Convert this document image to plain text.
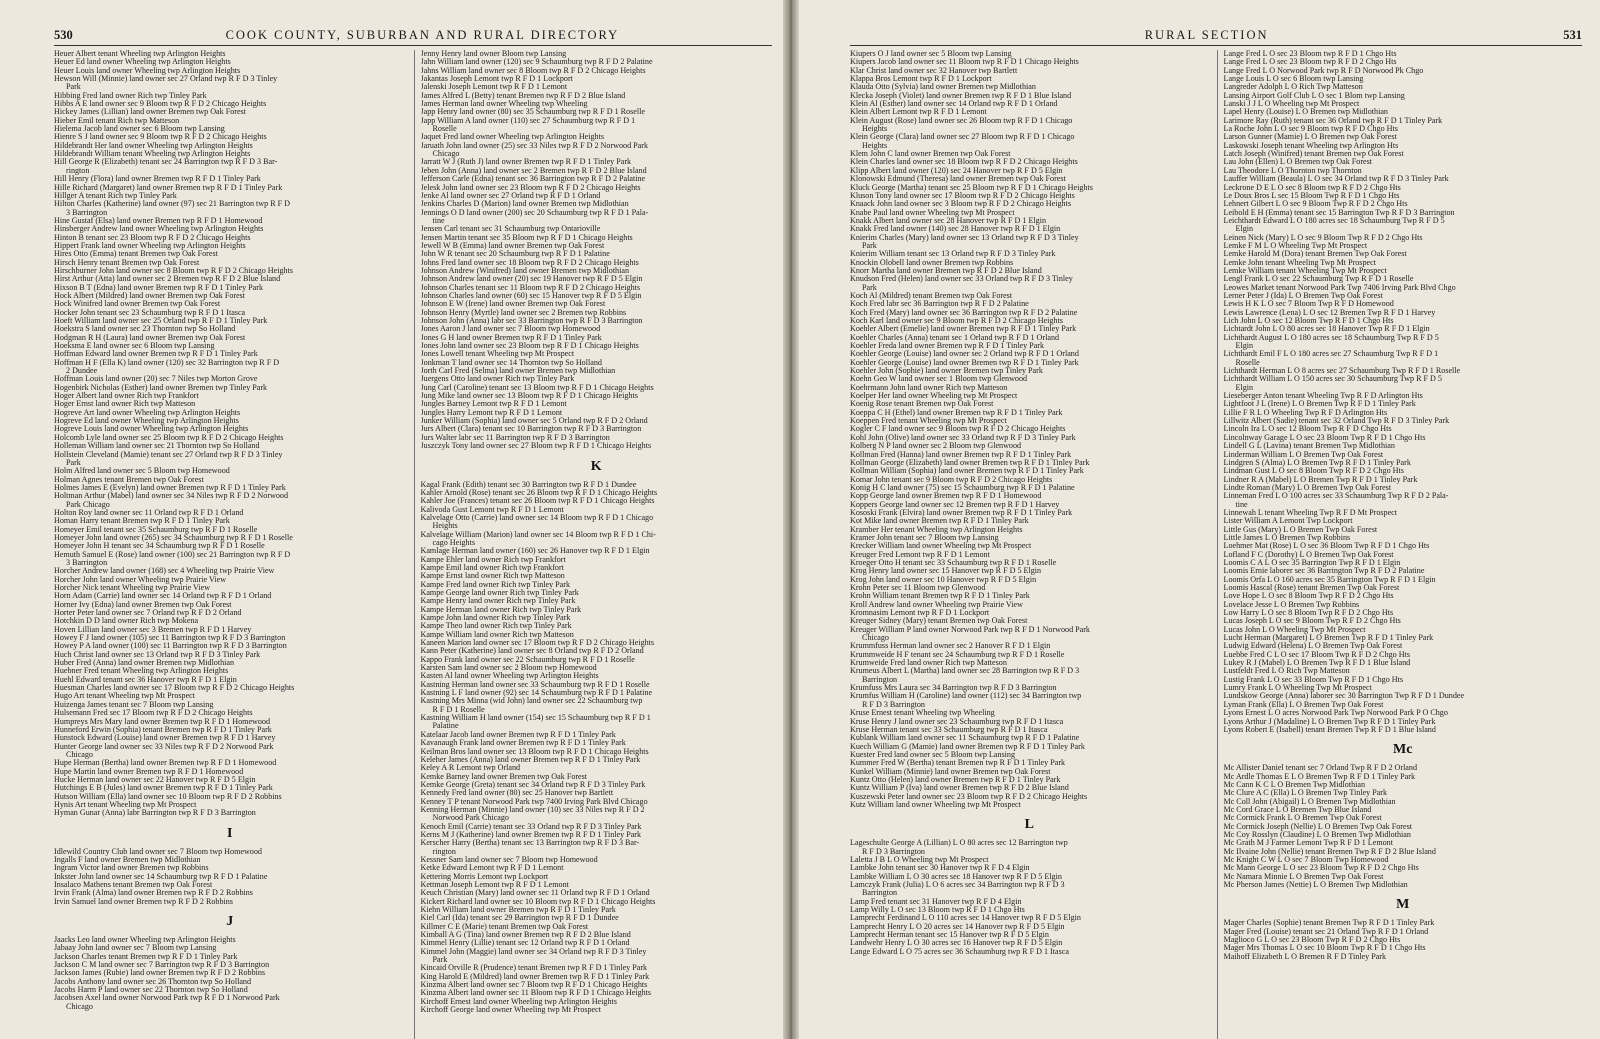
530	COOK COUNTY, SUBURBAN AND RURAL DIRECTORY
Heuer Albert tenant Wheeling twp Arlington Heights
Heuer Ed land owner Wheeling twp Arlington Heights
Heuer Louis land owner Wheeling twp Arlington Heights
Hewson Will (Minnie) land owner sec 27 Orland twp R F D 3 Tinley
Park
Hibbing Fred land owner Rich twp Tinley Park
Hibbs A E land owner sec 9 Bloom twp R F D 2 Chicago Heights
Hickey James (Lillian) land owner Bremen twp Oak Forest
Hieber Emil tenant Rich twp Matteson
Hielema Jacob land owner sec 6 Bloom twp Lansing
Hienre S J land owner sec 9 Bloom twp R F D 2 Chicago Heights
Hildebrandt Her land owner Wheeling twp Arlington Heights
Hildebrandt William tenant Wheeling twp Arlington Heights
Hill George R (Elizabeth) tenant sec 24 Barrington twp R F D 3 Bar-
rington
Hill Henry (Flora) land owner Bremen twp R F D 1 Tinley Park
Hille Richard (Margaret) land owner Bremen twp R F D 1 Tinley Park
Hillger A tenant Rich twp Tinley Park
Hilton Charles (Katherine) land owner (97) sec 21 Barrington twp R F D
3 Barrington
Hine Gustaf (Elsa) land owner Bremen twp R F D 1 Homewood
Hinsberger Andrew land owner Wheeling twp Arlington Heights
Hinton B tenant sec 23 Bloom twp R F D 2 Chicago Heights
Hippert Frank land owner Wheeling twp Arlington Heights
Hires Otto (Emma) tenant Bremen twp Oak Forest
Hirsch Henry tenant Bremen twp Oak Forest
Hirschburner John land owner sec 8 Bloom twp R F D 2 Chicago Heights
Hirst Arthur (Atta) land owner sec 2 Bremen twp R F D 2 Blue Island
Hixson B T (Edna) land owner Bremen twp R F D 1 Tinley Park
Hock Albert (Mildred) land owner Bremen twp Oak Forest
Hock Winifred land owner Bremen twp Oak Forest
Hocker John tenant sec 23 Schaumburg twp R F D 1 Itasca
Hoeft William land owner sec 25 Orland twp R F D 1 Tinley Park
Hoekstra S land owner sec 23 Thornton twp So Holland
Hodgman R H (Laura) land owner Bremen twp Oak Forest
Hoeksma E land owner sec 6 Bloom twp Lansing
Hoffman Edward land owner Bremen twp R F D 1 Tinley Park
Hoffman H F (Ella K) land owner (120) sec 32 Barrington twp R F D
2 Dundee
Hoffman Louis land owner (20) sec 7 Niles twp Morton Grove
Hogenbirk Nicholas (Esther) land owner Bremen twp Tinley Park
Hoger Albert land owner Rich twp Frankfort
Hoger Ernst land owner Rich twp Matteson
Hogreve Art land owner Wheeling twp Arlington Heights
Hogreve Ed land owner Wheeling twp Arlington Heights
Hogreve Louis land owner Wheeling twp Arlington Heights
Holcomb Lyle land owner sec 25 Bloom twp R F D 2 Chicago Heights
Holleman William land owner sec 21 Thornton twp So Holland
Hollstein Cleveland (Mamie) tenant sec 27 Orland twp R F D 3 Tinley
Park
Holm Alfred land owner sec 5 Bloom twp Homewood
Holman Agnes tenant Bremen twp Oak Forest
Holmes James E (Evelyn) land owner Bremen twp R F D 1 Tinley Park
Holtman Arthur (Mabel) land owner sec 34 Niles twp R F D 2 Norwood
Park Chicago
Holton Roy land owner sec 11 Orland twp R F D 1 Orland
Homan Harry tenant Bremen twp R F D 1 Tinley Park
Homeyer Emil tenant sec 35 Schaumburg twp R F D 1 Roselle
Homeyer John land owner (265) sec 34 Schaumburg twp R F D 1 Roselle
Homeyer John H tenant sec 34 Schaumburg twp R F D 1 Roselle
Hemuth Samuel E (Rose) land owner (100) sec 21 Barrington twp R F D
3 Barrington
Horcher Andrew land owner (168) sec 4 Wheeling twp Prairie View
Horcher John land owner Wheeling twp Prairie View
Horcher Nick tenant Wheeling twp Prairie View
Horn Adam (Carrie) land owner sec 14 Orland twp R F D 1 Orland
Horner Ivy (Edna) land owner Bremen twp Oak Forest
Horter Peter land owner sec 7 Orland twp R F D 2 Orland
Hotchkin D D land owner Rich twp Mokena
Hoven Lillian land owner sec 3 Bremen twp R F D 1 Harvey
Howey F J land owner (105) sec 11 Barrington twp R F D 3 Barrington
Howey P A land owner (100) sec 11 Barrington twp R F D 3 Barrington
Huch Christ land owner sec 13 Orland twp R F D 3 Tinley Park
Huber Fred (Anna) land owner Bremen twp Midlothian
Huebner Fred tenant Wheeling twp Arlington Heights
Huehl Edward tenant sec 36 Hanover twp R F D 1 Elgin
Huesman Charles land owner sec 17 Bloom twp R F D 2 Chicago Heights
Hugo Art tenant Wheeling twp Mt Prospect
Huizenga James tenant sec 7 Bloom twp Lansing
Hulsemann Fred sec 17 Bloom twp R F D 2 Chicago Heights
Humpreys Mrs Mary land owner Bremen twp R F D 1 Homewood
Hunneford Erwin (Sophia) tenant Bremen twp R F D 1 Tinley Park
Hunstock Edward (Louise) land owner Bremen twp R F D 1 Harvey
Hunter George land owner sec 33 Niles twp R F D 2 Norwood Park
Chicago
Hupe Herman (Bertha) land owner Bremen twp R F D 1 Homewood
Hupe Martin land owner Bremen twp R F D 1 Homewood
Hucke Herman land owner sec 22 Hanover twp R F D 5 Elgin
Hutchings E B (Jules) land owner Bremen twp R F D 1 Tinley Park
Hutson William (Ella) land owner sec 10 Bloom twp R F D 2 Robbins
Hynis Art tenant Wheeling twp Mt Prospect
Hyman Gunar (Anna) labr Barrington twp R F D 3 Barrington
I
Idlewild Country Club land owner sec 7 Bloom twp Homewood
Ingalls F land owner Bremen twp Midlothian
Ingram Victor land owner Bremen twp Robbins
Inkster John land owner sec 14 Schaumburg twp R F D 1 Palatine
Insalaco Mathens tenant Bremen twp Oak Forest
Irvin Frank (Alma) land owner Bremen twp R F D 2 Robbins
Irvin Samuel land owner Bremen twp R F D 2 Robbins
J
Jaacks Leo land owner Wheeling twp Arlington Heights
Jabaay John land owner sec 7 Bloom twp Lansing
Jackson Charles tenant Bremen twp R F D 1 Tinley Park
Jackson C M land owner sec 7 Barrington twp R F D 3 Barrington
Jackson James (Rubie) land owner Bremen twp R F D 2 Robbins
Jacobs Anthony land owner sec 26 Thornton twp So Holland
Jacobs Harm P land owner sec 22 Thornton twp So Holland
Jacobsen Axel land owner Norwood Park twp R F D 1 Norwood Park
Chicago
Jenny Henry land owner Bloom twp Lansing
Jahn William land owner (120) sec 9 Schaumburg twp R F D 2 Palatine
Jahns William land owner sec 8 Bloom twp R F D 2 Chicago Heights
Jakantas Joseph Lemont twp R F D 1 Lockport
Jalenski Joseph Lemont twp R F D 1 Lemont
James Alfred L (Betty) tenant Bremen twp R F D 2 Blue Island
James Herman land owner Wheeling twp Wheeling
Japp Henry land owner (80) sec 35 Schaumburg twp R F D 1 Roselle
Japp William A land owner (110) sec 27 Schaumburg twp R F D 1
Roselle
Jaquet Fred land owner Wheeling twp Arlington Heights
Jaruath John land owner (25) sec 33 Niles twp R F D 2 Norwood Park
Chicago
Jarratt W J (Ruth J) land owner Bremen twp R F D 1 Tinley Park
Jeben John (Anna) land owner sec 2 Bremen twp R F D 2 Blue Island
Jefferson Carle (Edna) tenant sec 36 Barrington twp R F D 2 Palatine
Jelesk John land owner sec 23 Bloom twp R F D 2 Chicago Heights
Jenke Al land owner sec 27 Orland twp R F D 1 Orland
Jenkins Charles D (Marion) land owner Bremen twp Midlothian
Jennings O D land owner (200) sec 20 Schaumburg twp R F D 1 Pala-
tine
Jensen Carl tenant sec 31 Schaumburg twp Ontarioville
Jensen Martin tenant sec 35 Bloom twp R F D 1 Chicago Heights
Jewell W B (Emma) land owner Bremen twp Oak Forest
John W R tenant sec 20 Schaumburg twp R F D 1 Palatine
Johns Fred land owner sec 18 Bloom twp R F D 2 Chicago Heights
Johnson Andrew (Winifred) land owner Bremen twp Midlothian
Johnson Andrew land owner (20) sec 19 Hanover twp R F D 5 Elgin
Johnson Charles tenant sec 11 Bloom twp R F D 2 Chicago Heights
Johnson Charles land owner (60) sec 15 Hanover twp R F D 5 Elgin
Johnson E W (Irene) land owner Bremen twp Oak Forest
Johnson Henry (Myrtle) land owner sec 2 Bremen twp Robbins
Johnson John (Anna) labr sec 33 Barrington twp R F D 3 Barrington
Jones Aaron J land owner sec 7 Bloom twp Homewood
Jones G H land owner Bremen twp R F D 1 Tinley Park
Jones John land owner sec 23 Bloom twp R F D 1 Chicago Heights
Jones Lowell tenant Wheeling twp Mt Prospect
Jonkman T land owner sec 14 Thornton twp So Holland
Jorth Carl Fred (Selma) land owner Bremen twp Midlothian
Juergens Otto land owner Rich twp Tinley Park
Jung Carl (Caroline) tenant sec 13 Bloom twp R F D 1 Chicago Heights
Jung Mike land owner sec 13 Bloom twp R F D 1 Chicago Heights
Jungles Barney Lemont twp R F D 1 Lemont
Jungles Harry Lemont twp R F D 1 Lemont
Junker William (Sophia) land owner sec 5 Orland twp R F D 2 Orland
Jurs Albert (Clara) tenant sec 10 Barrington twp R F D 3 Barrington
Jurs Walter labr sec 11 Barrington twp R F D 3 Barrington
Juszczyk Tony land owner sec 27 Bloom twp R F D 1 Chicago Heights
K
Kagal Frank (Edith) tenant sec 30 Barrington twp R F D 1 Dundee
Kahler Arnold (Rose) tenant sec 26 Bloom twp R F D 1 Chicago Heights
Kahler Joe (Frances) tenant sec 26 Bloom twp R F D 1 Chicago Heights
Kalivoda Gust Lemont twp R F D 1 Lemont
Kalvelage Otto (Carrie) land owner sec 14 Bloom twp R F D 1 Chicago
Heights
Kalvelage William (Marion) land owner sec 14 Bloom twp R F D 1 Chi-
cago Heights
Kamlage Herman land owner (160) sec 26 Hanover twp R F D 1 Elgin
Kampe Ehler land owner Rich twp Frankfort
Kampe Emil land owner Rich twp Frankfort
Kampe Ernst land owner Rich twp Matteson
Kampe Fred land owner Rich twp Tinley Park
Kampe George land owner Rich twp Tinley Park
Kampe Henry land owner Rich twp Tinley Park
Kampe Herman land owner Rich twp Tinley Park
Kampe John land owner Rich twp Tinley Park
Kampe Theo land owner Rich twp Tinley Park
Kampe William land owner Rich twp Matteson
Kaneen Marion land owner sec 17 Bloom twp R F D 2 Chicago Heights
Kann Peter (Katherine) land owner sec 8 Orland twp R F D 2 Orland
Kappo Frank land owner sec 22 Schaumburg twp R F D 1 Roselle
Karsten Sam land owner sec 2 Bloom twp Homewood
Kasten Al land owner Wheeling twp Arlington Heights
Kastning Herman land owner sec 33 Schaumburg twp R F D 1 Roselle
Kastning L F land owner (92) sec 14 Schaumburg twp R F D 1 Palatine
Kastning Mrs Minna (wid John) land owner sec 22 Schaumburg twp
R F D 1 Roselle
Kastning William H land owner (154) sec 15 Schaumburg twp R F D 1
Palatine
Katelaar Jacob land owner Bremen twp R F D 1 Tinley Park
Kavanaugh Frank land owner Bremen twp R F D 1 Tinley Park
Keilman Bros land owner sec 13 Bloom twp R F D 1 Chicago Heights
Keleher James (Anna) land owner Bremen twp R F D 1 Tinley Park
Keley A R Lemont twp Orland
Kemke Barney land owner Bremen twp Oak Forest
Kemke George (Greta) tenant sec 34 Orland twp R F D 3 Tinley Park
Kennedy Fred land owner (80) sec 25 Hanover twp Bartlett
Kenney T P tenant Norwood Park twp 7400 Irving Park Blvd Chicago
Kenning Herman (Minnie) land owner (10) sec 33 Niles twp R F D 2
Norwood Park Chicago
Kenoch Emil (Carrie) tenant sec 33 Orland twp R F D 3 Tinley Park
Kerns M J (Katherine) land owner Bremen twp R F D 1 Tinley Park
Kerscher Harry (Bertha) tenant sec 13 Barrington twp R F D 3 Bar-
rington
Kessner Sam land owner sec 7 Bloom twp Homewood
Ketke Edward Lemont twp R F D 1 Lemont
Kettering Morris Lemont twp Lockport
Kettman Joseph Lemont twp R F D 1 Lemont
Keuch Christian (Mary) land owner sec 11 Orland twp R F D 1 Orland
Kickert Richard land owner sec 10 Bloom twp R F D 1 Chicago Heights
Kiehn William land owner Bremen twp R F D 1 Tinley Park
Kiel Carl (Ida) tenant sec 29 Barrington twp R F D 1 Dundee
Killmer C E (Marie) tenant Bremen twp Oak Forest
Kimball A G (Tina) land owner Bremen twp R F D 2 Blue Island
Kimmel Henry (Lillie) tenant sec 12 Orland twp R F D 1 Orland
Kimmel John (Maggie) land owner sec 34 Orland twp R F D 3 Tinley
Park
Kincaid Orville R (Prudence) tenant Bremen twp R F D 1 Tinley Park
King Harold E (Mildred) land owner Bremen twp R F D 1 Tinley Park
Kinzma Albert land owner sec 7 Bloom twp R F D 1 Chicago Heights
Kinzma Albert land owner sec 11 Bloom twp R F D 1 Chicago Heights
Kirchoff Ernest land owner Wheeling twp Arlington Heights
Kirchoff George land owner Wheeling twp Mt Prospect
RURAL SECTION	531
Kiupers O J land owner sec 5 Bloom twp Lansing
Kiupers Jacob land owner sec 11 Bloom twp R F D 1 Chicago Heights
Klar Christ land owner sec 32 Hanover twp Bartlett
Klappa Bros Lemont twp R F D 1 Lockport
Klauda Otto (Sylvia) land owner Bremen twp Midlothian
Klecka Joseph (Violet) land owner Bremen twp R F D 1 Blue Island
Klein Al (Esther) land owner sec 14 Orland twp R F D 1 Orland
Klein Albert Lemont twp R F D 1 Lemont
Klein August (Rose) land owner sec 26 Bloom twp R F D 1 Chicago
Heights
Klein George (Clara) land owner sec 27 Bloom twp R F D 1 Chicago
Heights
Klem John C land owner Bremen twp Oak Forest
Klein Charles land owner sec 18 Bloom twp R F D 2 Chicago Heights
Klipp Albert land owner (120) sec 24 Hanover twp R F D 5 Elgin
Klonowski Edmund (Theresa) land owner Bremen twp Oak Forest
Kluck George (Martha) tenant sec 25 Bloom twp R F D 1 Chicago Heights
Kluson Tony land owner sec 17 Bloom twp R F D 2 Chicago Heights
Knaack John land owner sec 3 Bloom twp R F D 2 Chicago Heights
Knabe Paul land owner Wheeling twp Mt Prospect
Knakk Albert land owner sec 28 Hanover twp R F D 1 Elgin
Knakk Fred land owner (140) sec 28 Hanover twp R F D 1 Elgin
Knierim Charles (Mary) land owner sec 13 Orland twp R F D 3 Tinley
Park
Knierim William tenant sec 13 Orland twp R F D 3 Tinley Park
Knockin Olobell land owner Bremen twp Robbins
Knorr Martha land owner Bremen twp R F D 2 Blue Island
Knudson Fred (Helen) land owner sec 33 Orland twp R F D 3 Tinley
Park
Koch Al (Mildred) tenant Bremen twp Oak Forest
Koch Fred labr sec 36 Barrington twp R F D 2 Palatine
Koch Fred (Mary) land owner sec 36 Barrington twp R F D 2 Palatine
Koch Karl land owner sec 9 Bloom twp R F D 2 Chicago Heights
Koehler Albert (Emelie) land owner Bremen twp R F D 1 Tinley Park
Koehler Charles (Anna) tenant sec 1 Orland twp R F D 1 Orland
Koehler Freda land owner Bremen twp R F D 1 Tinley Park
Koehler George (Louise) land owner sec 2 Orland twp R F D 1 Orland
Koehler George (Louise) land owner Bremen twp R F D 1 Tinley Park
Koehler John (Sophie) land owner Bremen twp Tinley Park
Koehn Geo W land owner sec 1 Bloom twp Glenwood
Koehrmann John land owner Rich twp Matteson
Koelper Her land owner Wheeling twp Mt Prospect
Koenig Rose tenant Bremen twp Oak Forest
Koeppa C H (Ethel) land owner Bremen twp R F D 1 Tinley Park
Koeppen Fred tenant Wheeling twp Mt Prospect
Kogler C F land owner sec 9 Bloom twp R F D 2 Chicago Heights
Kohl John (Olive) land owner sec 33 Orland twp R F D 3 Tinley Park
Kolberg N P land owner sec 2 Bloom twp Glenwood
Kollman Fred (Hanna) land owner Bremen twp R F D 1 Tinley Park
Kollman George (Elizabeth) land owner Bremen twp R F D 1 Tinley Park
Kollman William (Sophia) land owner Bremen twp R F D 1 Tinley Park
Komar John tenant sec 9 Bloom twp R F D 2 Chicago Heights
Konig H C land owner (75) sec 15 Schaumburg twp R F D 1 Palatine
Kopp George land owner Bremen twp R F D 1 Homewood
Koppers George land owner sec 12 Bremen twp R F D 1 Harvey
Kososki Frank (Elvira) land owner Bremen twp R F D 1 Tinley Park
Kot Mike land owner Bremen twp R F D 1 Tinley Park
Kramber Her tenant Wheeling twp Arlington Heights
Kramer John tenant sec 7 Bloom twp Lansing
Krecker William land owner Wheeling twp Mt Prospect
Kreuger Fred Lemont twp R F D 1 Lemont
Kroeger Otto H tenant sec 33 Schaumburg twp R F D 1 Roselle
Krog Henry land owner sec 15 Hanover twp R F D 5 Elgin
Krog John land owner sec 10 Hanover twp R F D 5 Elgin
Krohn Peter sec 11 Bloom twp Glenwood
Krohn William tenant Bremen twp R F D 1 Tinley Park
Kroll Andrew land owner Wheeling twp Prairie View
Kromnasim Lemont twp R F D 1 Lockport
Kreuger Sidney (Mary) tenant Bremen twp Oak Forest
Kreuger William P land owner Norwood Park twp R F D 1 Norwood Park
Chicago
Krummfuss Herman land owner sec 2 Hanover R F D 1 Elgin
Krummweide H F tenant sec 24 Schaumburg twp R F D 1 Roselle
Krumweide Fred land owner Rich twp Matteson
Krumeus Albert L (Martha) land owner sec 28 Barrington twp R F D 3
Barrington
Krumfuss Mrs Laura sec 34 Barrington twp R F D 3 Barrington
Krumfus William H (Caroline) land owner (112) sec 34 Barrington twp
R F D 3 Barrington
Kruse Ernest tenant Wheeling twp Wheeling
Kruse Henry J land owner sec 23 Schaumburg twp R F D 1 Itasca
Kruse Herman tenant sec 33 Schaumburg twp R F D 1 Itasca
Kublank William land owner sec 11 Schaumburg twp R F D 1 Palatine
Kuech William G (Mamie) land owner Bremen twp R F D 1 Tinley Park
Kuester Fred land owner sec 5 Bloom twp Lansing
Kummer Fred W (Bertha) tenant Bremen twp R F D 1 Tinley Park
Kunkel William (Minnie) land owner Bremen twp Oak Forest
Kuntz Otto (Helen) land owner Bremen twp R F D 1 Tinley Park
Kuntz William P (Iva) land owner Bremen twp R F D 2 Blue Island
Kuszewski Peter land owner sec 23 Bloom twp R F D 2 Chicago Heights
Kutz William land owner Wheeling twp Mt Prospect
L
Lageschulte George A (Lillian) L O 80 acres sec 12 Barrington twp
R F D 3 Barrington
Laletta J B L O Wheeling twp Mt Prospect
Lambke John tenant sec 30 Hanover twp R F D 4 Elgin
Lambke William L O 30 acres sec 18 Hanover twp R F D 5 Elgin
Lamczyk Frank (Julia) L O 6 acres sec 34 Barrington twp R F D 3
Barrington
Lamp Fred tenant sec 31 Hanover twp R F D 4 Elgin
Lamp Willy L O sec 13 Bloom twp R F D 1 Chgo Hts
Lamprecht Ferdinand L O 110 acres sec 14 Hanover twp R F D 5 Elgin
Lamprecht Henry L O 20 acres sec 14 Hanover twp R F D 5 Elgin
Lamprecht Herman tenant sec 15 Hanover twp R F D 5 Elgin
Landwehr Henry L O 30 acres sec 16 Hanover twp R F D 5 Elgin
Lange Edward L O 75 acres sec 36 Schaumburg twp R F D 1 Itasca
Lange Fred L O sec 23 Bloom twp R F D 1 Chgo Hts
Lange Fred L O sec 23 Bloom twp R F D 2 Chgo Hts
Lange Fred L O Norwood Park twp R F D Norwood Pk Chgo
Lange Louis L O sec 6 Bloom twp Lansing
Langreder Adolph L O Rich Twp Matteson
Lansing Airport Golf Club L O sec 1 Blom twp Lansing
Lanski J J L O Wheeling twp Mt Prospect
Lapel Henry (Louise) L O Bremen twp Midlothian
Larimore Ray (Ruth) tenant sec 36 Orland twp R F D 1 Tinley Park
La Roche John L O sec 9 Bloom twp R F D Chgo Hts
Larson Gunner (Mamie) L O Bremen twp Oak Forest
Laskowski Joseph tenant Wheeling twp Arlington Hts
Latch Joseph (Winifred) tenant Bremen twp Oak Forest
Lau John (Ellen) L O Bremen twp Oak Forest
Lau Theodore L O Thornton twp Thornton
Lauffer William (Beaula) L O sec 34 Orland twp R F D 3 Tinley Park
Leckrone D E L O sec 8 Bloom twp R F D 2 Chgo Hts
Le Doux Bros L sec 15 Bloom Twp R F D 1 Chgo Hts
Lehnert Gilbert L O sec 9 Bloom Twp R F D 2 Chgo Hts
Leibold E H (Emma) tenant sec 15 Barrington Twp R F D 3 Barrington
Leichthardt Edward L O 180 acres sec 18 Schaumburg Twp R F D 5
Elgin
Leinen Nick (Mary) L O sec 9 Bloom Twp R F D 2 Chgo Hts
Lemke F M L O Wheeling Twp Mt Prospect
Lemke Harold M (Dora) tenant Bremen Twp Oak Forest
Lemke John tenant Wheeling Twp Mt Prospect
Lemke William tenant Wheeling Twp Mt Prospect
Lengl Frank L O sec 22 Schaumburg Twp R F D 1 Roselle
Leowes Market tenant Norwood Park Twp 7406 Irving Park Blvd Chgo
Lerner Peter J (Ida) L O Bremen Twp Oak Forest
Lewis H K L O sec 7 Bloom Twp R F D Homewood
Lewis Lawrence (Lena) L O sec 12 Bremen Twp R F D 1 Harvey
Lich John L O sec 12 Bloom Twp R F D 1 Chgo Hts
Lichtardt John L O 80 acres sec 18 Hanover Twp R F D 1 Elgin
Lichthardt August L O 180 acres sec 18 Schaumburg Twp R F D 5
Elgin
Lichthardt Emil F L O 180 acres sec 27 Schaumburg Twp R F D 1
Roselle
Lichthardt Herman L O 8 acres sec 27 Schaumburg Twp R F D 1 Roselle
Lichthardt William L O 150 acres sec 30 Schaumburg Twp R F D 5
Elgin
Lieseberger Anton tenant Wheeling Twp R F D Arlington Hts
Lightfoot J L (Irene) L O Bremen Twp R F D 1 Tinley Park
Lillie F R L O Wheeling Twp R F D Arlington Hts
Lillwitz Albert (Sadie) tenant sec 32 Orland Twp R F D 3 Tinley Park
Lincoln Ira L O sec 12 Bloom Twp R F D Chgo Hts
Lincolnway Garage L O sec 23 Bloom Twp R F D 1 Chgo Hts
Lindell G L (Lavina) tenant Bremen Twp Midlothian
Linderman William L O Bremen Twp Oak Forest
Lindgren S (Alma) L O Bremen Twp R F D 1 Tinley Park
Lindman Gust L O sec 8 Bloom Twp R F D 2 Chgo Hts
Lindner R A (Mabel) L O Bremen Twp R F D 1 Tinley Park
Lindte Roman (Mary) L O Bremen Twp Oak Forest
Linneman Fred L O 100 acres sec 33 Schaumburg Twp R F D 2 Pala-
tine
Linnewah L tenant Wheeling Twp R F D Mt Prospect
Lister William A Lemont Twp Lockport
Little Gus (Mary) L O Bremen Twp Oak Forest
Little James L O Bremen Twp Robbins
Loehmer Mat (Rose) L O sec 36 Bloom Twp R F D 1 Chgo Hts
Lofland F C (Dorothy) L O Bremen Twp Oak Forest
Loomis C A L O sec 35 Barrington Twp R F D 1 Elgin
Loomis Ernie laborer sec 36 Barrington Twp R F D 2 Palatine
Loomis Orfa L O 160 acres sec 35 Barrington Twp R F D 1 Elgin
Loomis Hascal (Rose) tenant Bremen Twp Oak Forest
Love Hope L O sec 8 Bloom Twp R F D 2 Chgo Hts
Lovelace Jesse L O Bremen Twp Robbins
Low Harry L O sec 8 Bloom Twp R F D 2 Chgo Hts
Lucas Joseph L O sec 9 Bloom Twp R F D 2 Chgo Hts
Lucas John L O Wheeling Twp Mt Prospect
Lucht Herman (Margaret) L O Bremen Twp R F D 1 Tinley Park
Ludwig Edward (Helena) L O Bremen Twp Oak Forest
Luebbe Fred C L O sec 17 Bloom Twp R F D 2 Chgo Hts
Lukey R J (Mabel) L O Bremen Twp R F D 1 Blue Island
Lustfeldt Fred L O Rich Twp Matteson
Lustig Frank L O sec 33 Bloom Twp R F D 1 Chgo Hts
Lumry Frank L O Wheeling Twp Mt Prospect
Lundskow George (Anna) laborer sec 30 Barrington Twp R F D 1 Dundee
Lyman Frank (Ella) L O Bremen Twp Oak Forest
Lyons Ernest L O acres Norwood Park Twp Norwood Park P O Chgo
Lyons Arthur J (Madaline) L O Bremen Twp R F D 1 Tinley Park
Lyons Robert E (Isabell) tenant Bremen Twp R F D 1 Blue Island
Mc
Mc Allister Daniel tenant sec 7 Orland Twp R F D 2 Orland
Mc Ardle Thomas E L O Bremen Twp R F D 1 Tinley Park
Mc Cann K C L O Bremen Twp Midlothian
Mc Clure A C (Ella) L O Bremen Twp Tinley Park
Mc Coll John (Abigail) L O Bremen Twp Midlothian
Mc Cord Grace L O Bremen Twp Blue Island
Mc Cormick Frank L O Bremen Twp Oak Forest
Mc Cormick Joseph (Nellie) L O Bremen Twp Oak Forest
Mc Coy Rosslyn (Claudine) L O Bremen Twp Midlothian
Mc Grath M J Farmer Lemont Twp R F D 1 Lemont
Mc Ilvaine John (Nellie) tenant Bremen Twp R F D 2 Blue Island
Mc Knight C W L O sec 7 Bloom Twp Homewood
Mc Mann George L O sec 23 Bloom Twp R F D 2 Chgo Hts
Mc Namara Minnie L O Bremen Twp Oak Forest
Mc Pherson James (Nettie) L O Bremen Twp Midlothian
M
Mager Charles (Sophie) tenant Bremen Twp R F D 1 Tinley Park
Mager Fred (Louise) tenant sec 21 Orland Twp R F D 1 Orland
Maglioco G L O sec 23 Bloom Twp R F D 2 Chgo Hts
Mager Mrs Thomas L O sec 10 Bloom Twp R F D 1 Chgo Hts
Maihoff Elizabeth L O Bremen R F D Tinley Park
